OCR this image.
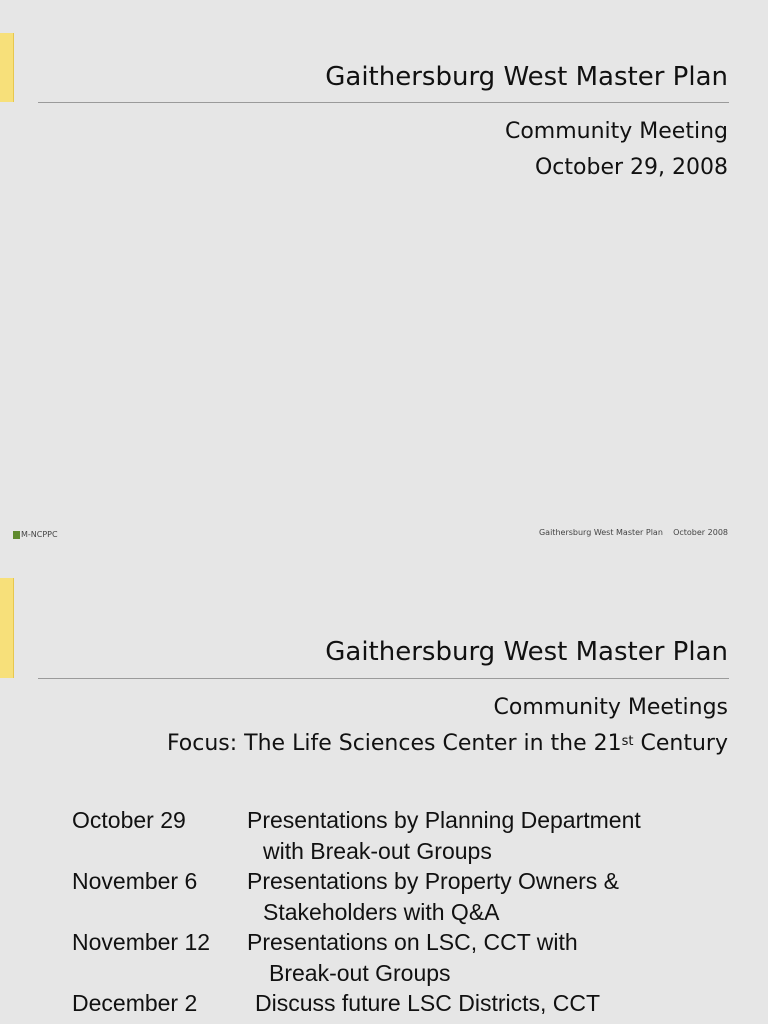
Gaithersburg West Master Plan
Community Meeting
October 29, 2008
M-NCPPC	Gaithersburg West Master Plan October 2008
Gaithersburg West Master Plan
Community Meetings
Focus: The Life Sciences Center in the 21st Century
October 29	Presentations by Planning Department
with Break-out Groups
November 6	Presentations by Property Owners &
Stakeholders with Q&A
November 12	Presentations on LSC, CCT with
Break-out Groups
December 2	Discuss future LSC Districts, CCT
